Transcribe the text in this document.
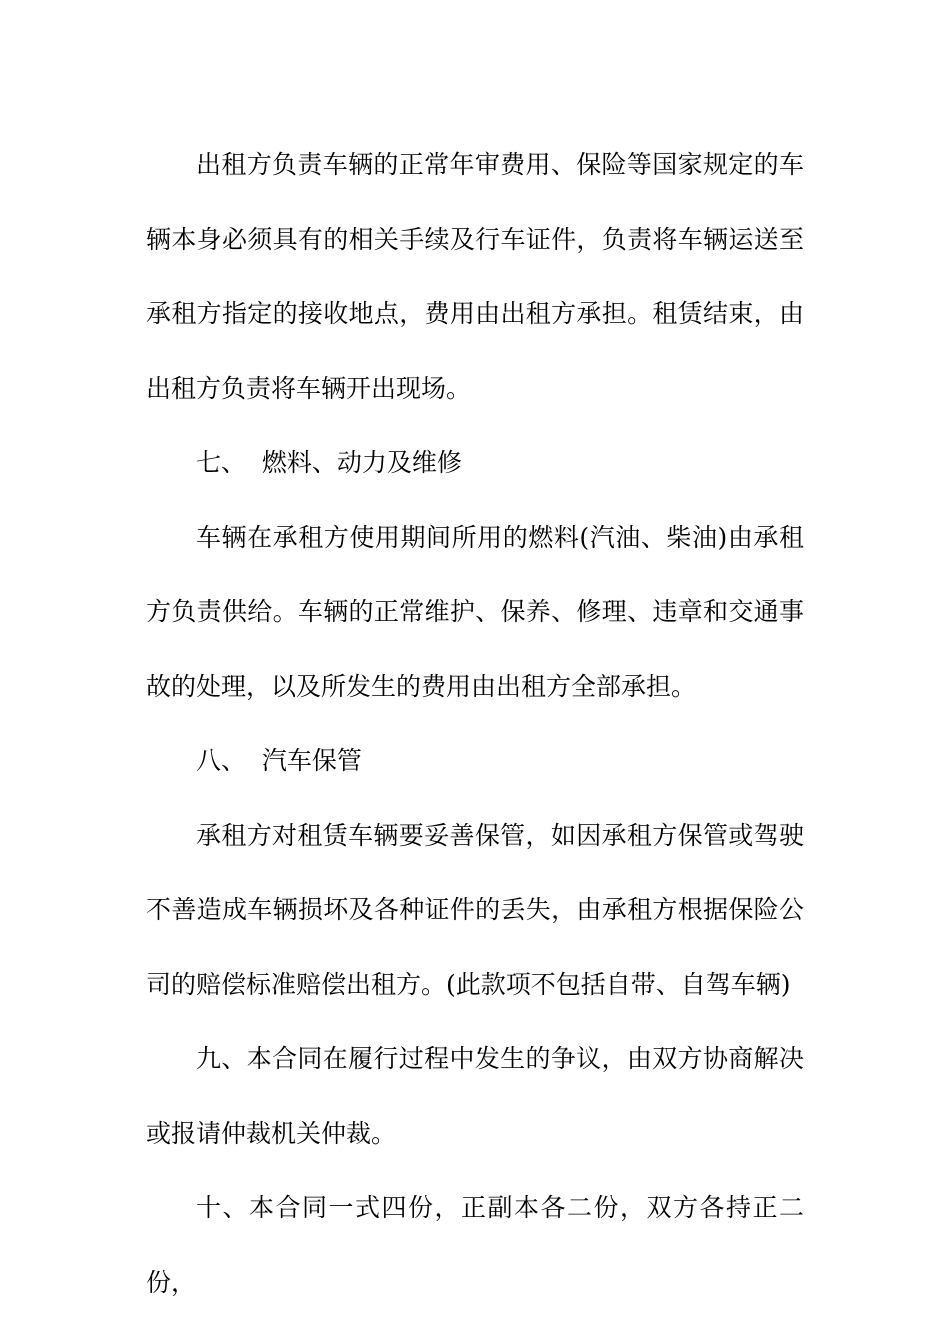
出租方负责车辆的正常年审费用、保险等国家规定的车辆本身必须具有的相关手续及行车证件，负责将车辆运送至承租方指定的接收地点，费用由出租方承担。租赁结束，由出租方负责将车辆开出现场。

七、  燃料、动力及维修

车辆在承租方使用期间所用的燃料(汽油、柴油)由承租方负责供给。车辆的正常维护、保养、修理、违章和交通事故的处理，以及所发生的费用由出租方全部承担。

八、  汽车保管

承租方对租赁车辆要妥善保管，如因承租方保管或驾驶不善造成车辆损坏及各种证件的丢失，由承租方根据保险公司的赔偿标准赔偿出租方。(此款项不包括自带、自驾车辆)

九、本合同在履行过程中发生的争议，由双方协商解决或报请仲裁机关仲裁。

十、本合同一式四份，正副本各二份，双方各持正二份，
